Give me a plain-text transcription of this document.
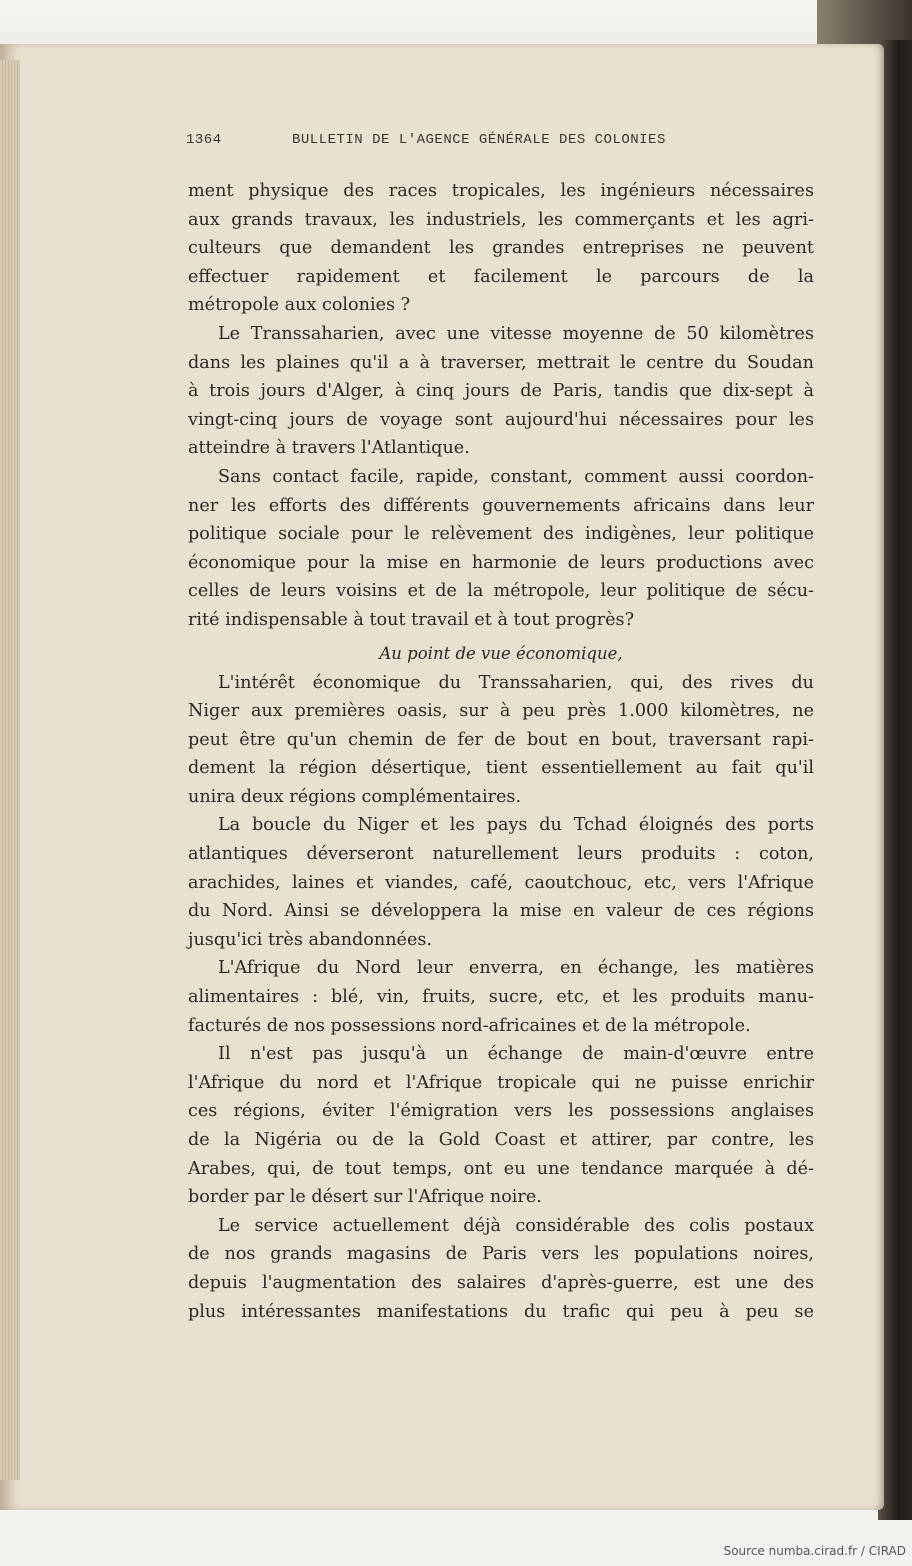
1364	BULLETIN DE L'AGENCE GÉNÉRALE DES COLONIES
ment physique des races tropicales, les ingénieurs nécessaires
aux grands travaux, les industriels, les commerçants et les agri-
culteurs que demandent les grandes entreprises ne peuvent
effectuer rapidement et facilement le parcours de la
métropole aux colonies ?
Le Transsaharien, avec une vitesse moyenne de 50 kilomètres
dans les plaines qu'il a à traverser, mettrait le centre du Soudan
à trois jours d'Alger, à cinq jours de Paris, tandis que dix-sept à
vingt-cinq jours de voyage sont aujourd'hui nécessaires pour les
atteindre à travers l'Atlantique.
Sans contact facile, rapide, constant, comment aussi coordon-
ner les efforts des différents gouvernements africains dans leur
politique sociale pour le relèvement des indigènes, leur politique
économique pour la mise en harmonie de leurs productions avec
celles de leurs voisins et de la métropole, leur politique de sécu-
rité indispensable à tout travail et à tout progrès?
Au point de vue économique,
L'intérêt économique du Transsaharien, qui, des rives du
Niger aux premières oasis, sur à peu près 1.000 kilomètres, ne
peut être qu'un chemin de fer de bout en bout, traversant rapi-
dement la région désertique, tient essentiellement au fait qu'il
unira deux régions complémentaires.
La boucle du Niger et les pays du Tchad éloignés des ports
atlantiques déverseront naturellement leurs produits : coton,
arachides, laines et viandes, café, caoutchouc, etc, vers l'Afrique
du Nord. Ainsi se développera la mise en valeur de ces régions
jusqu'ici très abandonnées.
L'Afrique du Nord leur enverra, en échange, les matières
alimentaires : blé, vin, fruits, sucre, etc, et les produits manu-
facturés de nos possessions nord-africaines et de la métropole.
Il n'est pas jusqu'à un échange de main-d'œuvre entre
l'Afrique du nord et l'Afrique tropicale qui ne puisse enrichir
ces régions, éviter l'émigration vers les possessions anglaises
de la Nigéria ou de la Gold Coast et attirer, par contre, les
Arabes, qui, de tout temps, ont eu une tendance marquée à dé-
border par le désert sur l'Afrique noire.
Le service actuellement déjà considérable des colis postaux
de nos grands magasins de Paris vers les populations noires,
depuis l'augmentation des salaires d'après-guerre, est une des
plus intéressantes manifestations du trafic qui peu à peu se
Source numba.cirad.fr / CIRAD
